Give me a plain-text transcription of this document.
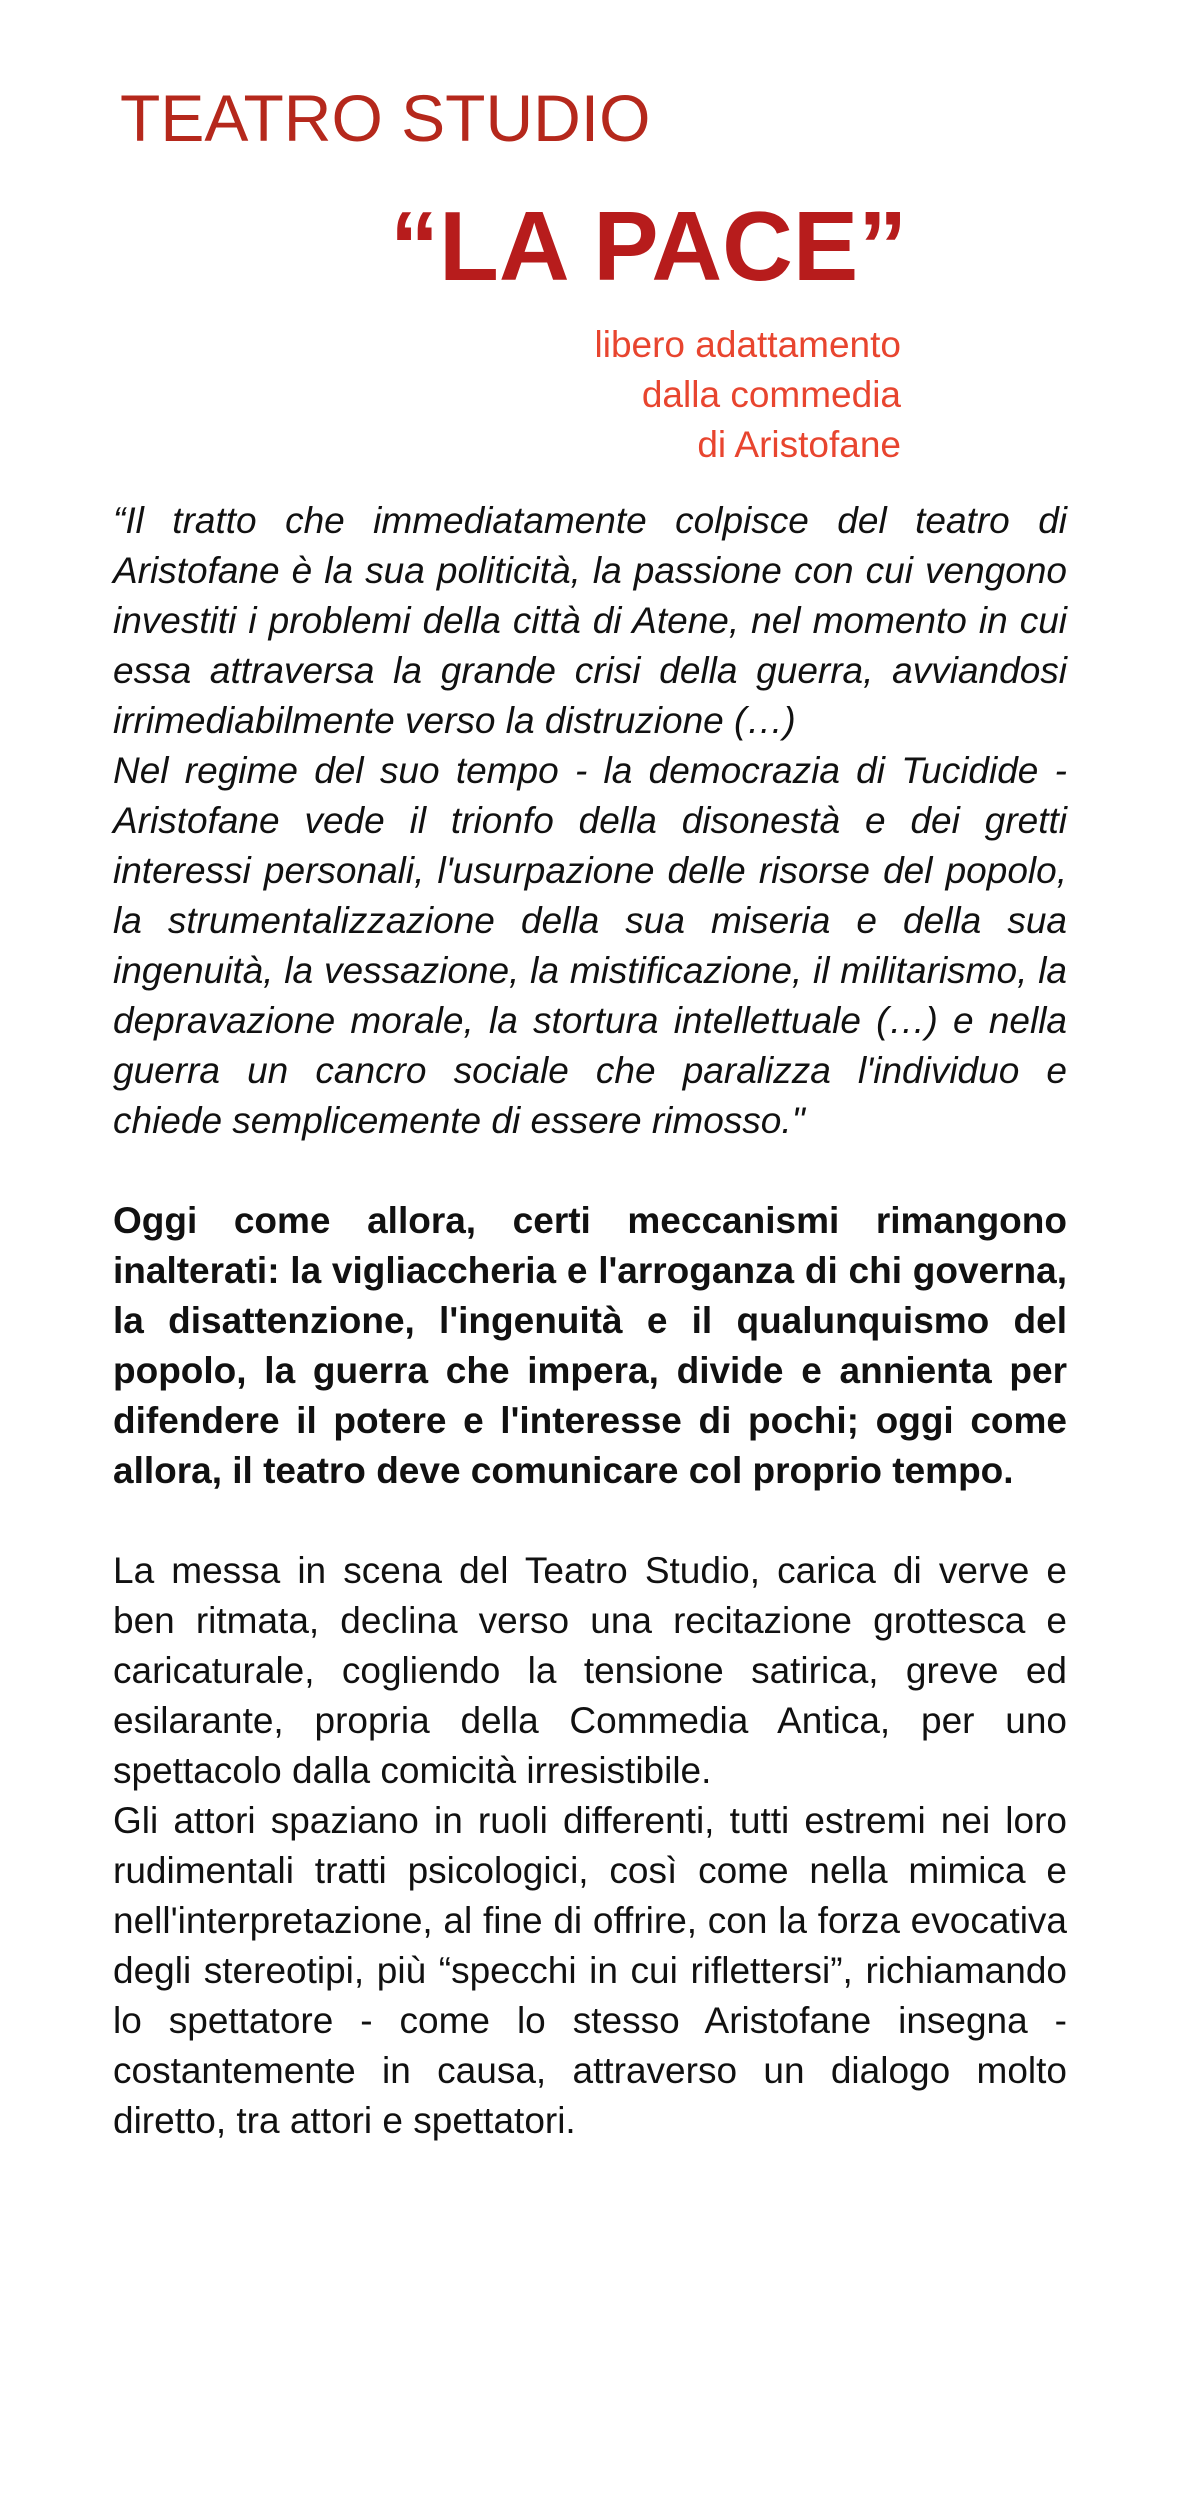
TEATRO STUDIO
“LA PACE”
libero adattamento
dalla commedia
di Aristofane

“Il tratto che immediatamente colpisce del teatro di Aristofane è la sua politicità, la passione con cui vengono investiti i problemi della città di Atene, nel momento in cui essa attraversa la grande crisi della guerra, avviandosi irrimediabilmente verso la distruzione (…)

Nel regime del suo tempo - la democrazia di Tucidide - Aristofane vede il trionfo della disonestà e dei gretti interessi personali, l'usurpazione delle risorse del popolo, la strumentalizzazione della sua miseria e della sua ingenuità, la vessazione, la mistificazione, il militarismo, la depravazione morale, la stortura intellettuale (…) e nella guerra un cancro sociale che paralizza l'individuo e chiede semplicemente di essere rimosso."

Oggi come allora, certi meccanismi rimangono inalterati: la vigliaccheria e l'arroganza di chi governa, la disattenzione, l'ingenuità e il qualunquismo del popolo, la guerra che impera, divide e annienta per difendere il potere e l'interesse di pochi; oggi come allora, il teatro deve comunicare col proprio tempo.

La messa in scena del Teatro Studio, carica di verve e ben ritmata, declina verso una recitazione grottesca e caricaturale, cogliendo la tensione satirica, greve ed esilarante, propria della Commedia Antica, per uno spettacolo dalla comicità irresistibile.

Gli attori spaziano in ruoli differenti, tutti estremi nei loro rudimentali tratti psicologici, così come nella mimica e nell'interpretazione, al fine di offrire, con la forza evocativa degli stereotipi, più “specchi in cui riflettersi”, richiamando lo spettatore - come lo stesso Aristofane insegna - costantemente in causa, attraverso un dialogo molto diretto, tra attori e spettatori.
